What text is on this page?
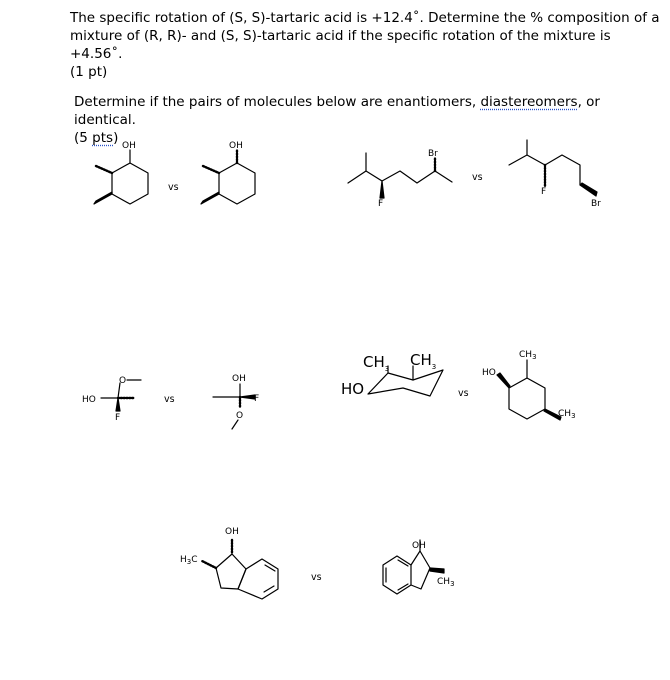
The specific rotation of (S, S)-tartaric acid is +12.4˚. Determine the % composition of a
mixture of (R, R)- and (S, S)-tartaric acid if the specific rotation of the mixture is +4.56˚.
(1 pt)
Determine if the pairs of molecules below are enantiomers, diastereomers, or identical.
(5 pts) OH
vs
OH
Br
F
vs
F
Br
O
HO
F
vs
OH
F
O
$CH_3$ $CH_3$
HO	vs
$CH_3$
HO
$CH_3$
OH
$H_3C$
vs
OH
$CH_3$
